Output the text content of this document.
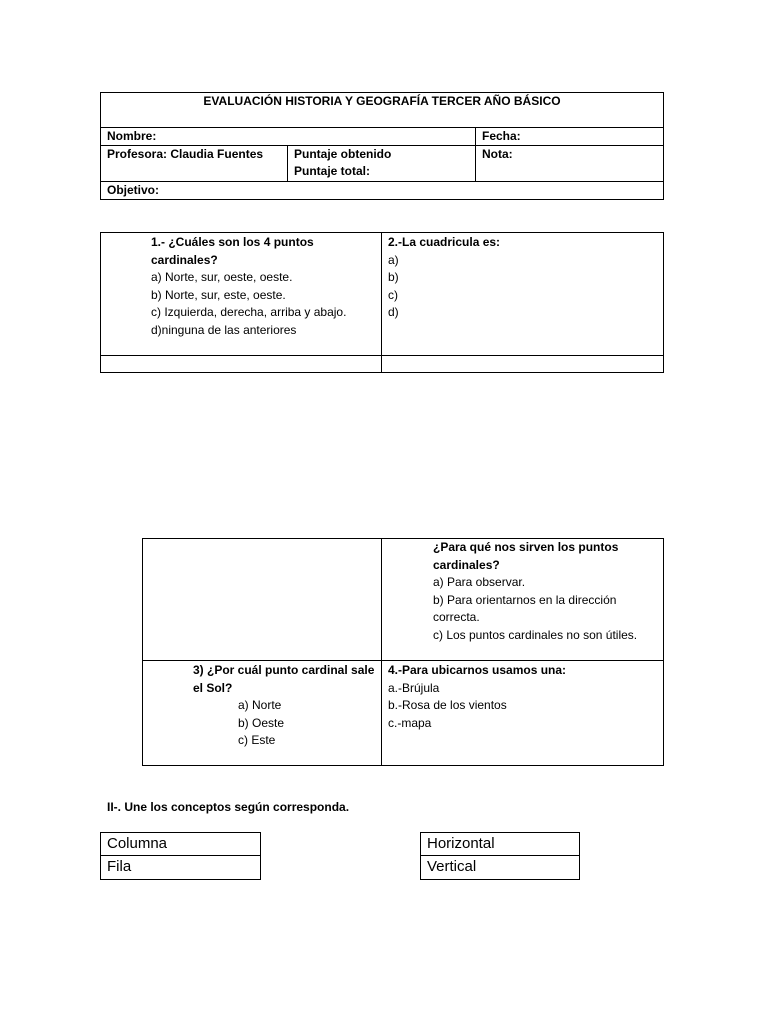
EVALUACIÓN HISTORIA Y GEOGRAFÍA TERCER AÑO BÁSICO
Nombre:	Fecha:
Profesora: Claudia Fuentes	Puntaje obtenido
Puntaje total:
Nota:
Objetivo:
1.- ¿Cuáles son los 4 puntos
cardinales?
a) Norte, sur, oeste, oeste.
b) Norte, sur, este, oeste.
c) Izquierda, derecha, arriba y abajo.
d)ninguna de las anteriores
2.-La cuadricula es:
a)
b)
c)
d)
¿Para qué nos sirven los puntos
cardinales?
a) Para observar.
b) Para orientarnos en la dirección
correcta.
c) Los puntos cardinales no son útiles.
3) ¿Por cuál punto cardinal sale
el Sol?
a) Norte
b) Oeste
c) Este
4.-Para ubicarnos usamos una:
a.-Brújula
b.-Rosa de los vientos
c.-mapa
II-. Une los conceptos según corresponda.
Columna
Fila
Horizontal
Vertical
